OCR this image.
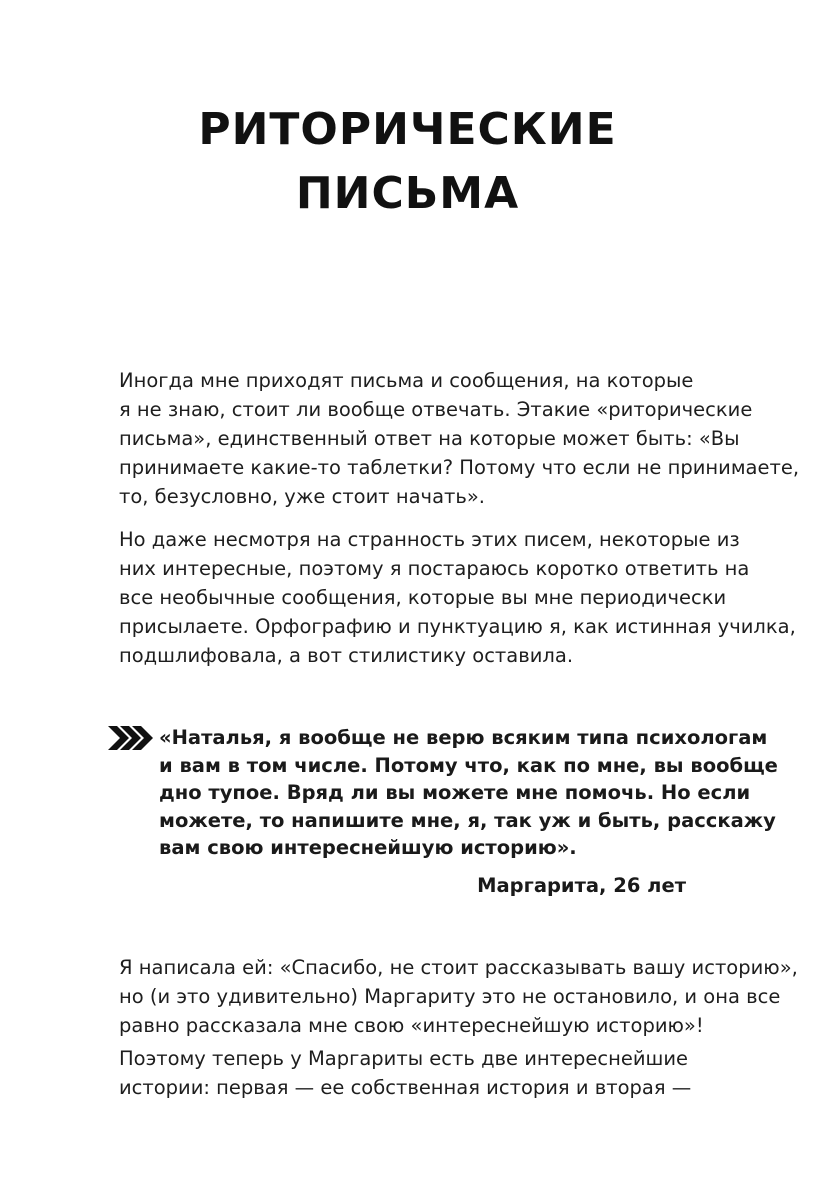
РИТОРИЧЕСКИЕ
ПИСЬМА
Иногда мне приходят письма и сообщения, на которые
я не знаю, стоит ли вообще отвечать. Этакие «риторические
письма», единственный ответ на которые может быть: «Вы
принимаете какие-то таблетки? Потому что если не принимаете,
то, безусловно, уже стоит начать».
Но даже несмотря на странность этих писем, некоторые из
них интересные, поэтому я постараюсь коротко ответить на
все необычные сообщения, которые вы мне периодически
присылаете. Орфографию и пунктуацию я, как истинная училка,
подшлифовала, а вот стилистику оставила.
«Наталья, я вообще не верю всяким типа психологам
и вам в том числе. Потому что, как по мне, вы вообще
дно тупое. Вряд ли вы можете мне помочь. Но если
можете, то напишите мне, я, так уж и быть, расскажу
вам свою интереснейшую историю».
Маргарита, 26 лет
Я написала ей: «Спасибо, не стоит рассказывать вашу историю»,
но (и это удивительно) Маргариту это не остановило, и она все
равно рассказала мне свою «интереснейшую историю»!
Поэтому теперь у Маргариты есть две интереснейшие
истории: первая — ее собственная история и вторая —
